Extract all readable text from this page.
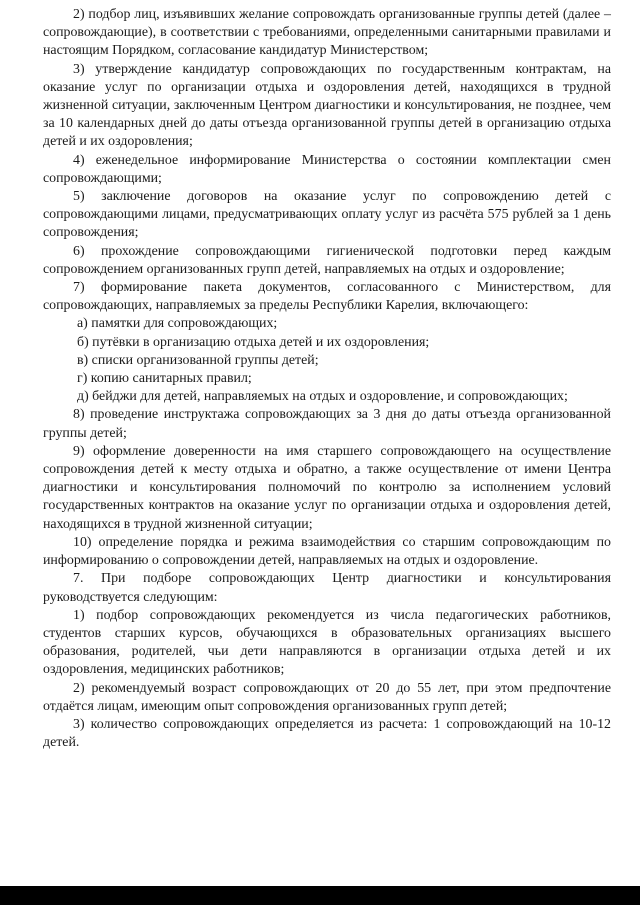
2) подбор лиц, изъявивших желание сопровождать организованные группы детей (далее – сопровождающие), в соответствии с требованиями, определенными санитарными правилами и настоящим Порядком, согласование кандидатур Министерством;

3) утверждение кандидатур сопровождающих по государственным контрактам, на оказание услуг по организации отдыха и оздоровления детей, находящихся в трудной жизненной ситуации, заключенным Центром диагностики и консультирования, не позднее, чем за 10 календарных дней до даты отъезда организованной группы детей в организацию отдыха детей и их оздоровления;

4) еженедельное информирование Министерства о состоянии комплектации смен сопровождающими;

5) заключение договоров на оказание услуг по сопровождению детей с сопровождающими лицами, предусматривающих оплату услуг из расчёта 575 рублей за 1 день сопровождения;

6) прохождение сопровождающими гигиенической подготовки перед каждым сопровождением организованных групп детей, направляемых на отдых и оздоровление;

7) формирование пакета документов, согласованного с Министерством, для сопровождающих, направляемых за пределы Республики Карелия, включающего:

а) памятки для сопровождающих;

б) путёвки в организацию отдыха детей и их оздоровления;

в) списки организованной группы детей;

г) копию санитарных правил;

д) бейджи для детей, направляемых на отдых и оздоровление, и сопровождающих;

8) проведение инструктажа сопровождающих за 3 дня до даты отъезда организованной группы детей;

9) оформление доверенности на имя старшего сопровождающего на осуществление сопровождения детей к месту отдыха и обратно, а также осуществление от имени Центра диагностики и консультирования полномочий по контролю за исполнением условий государственных контрактов на оказание услуг по организации отдыха и оздоровления детей, находящихся в трудной жизненной ситуации;

10) определение порядка и режима взаимодействия со старшим сопровождающим по информированию о сопровождении детей, направляемых на отдых и оздоровление.

7. При подборе сопровождающих Центр диагностики и консультирования руководствуется следующим:

1) подбор сопровождающих рекомендуется из числа педагогических работников, студентов старших курсов, обучающихся в образовательных организациях высшего образования, родителей, чьи дети направляются в организации отдыха детей и их оздоровления, медицинских работников;

2) рекомендуемый возраст сопровождающих от 20 до 55 лет, при этом предпочтение отдаётся лицам, имеющим опыт сопровождения организованных групп детей;

3) количество сопровождающих определяется из расчета: 1 сопровождающий на 10-12 детей.
